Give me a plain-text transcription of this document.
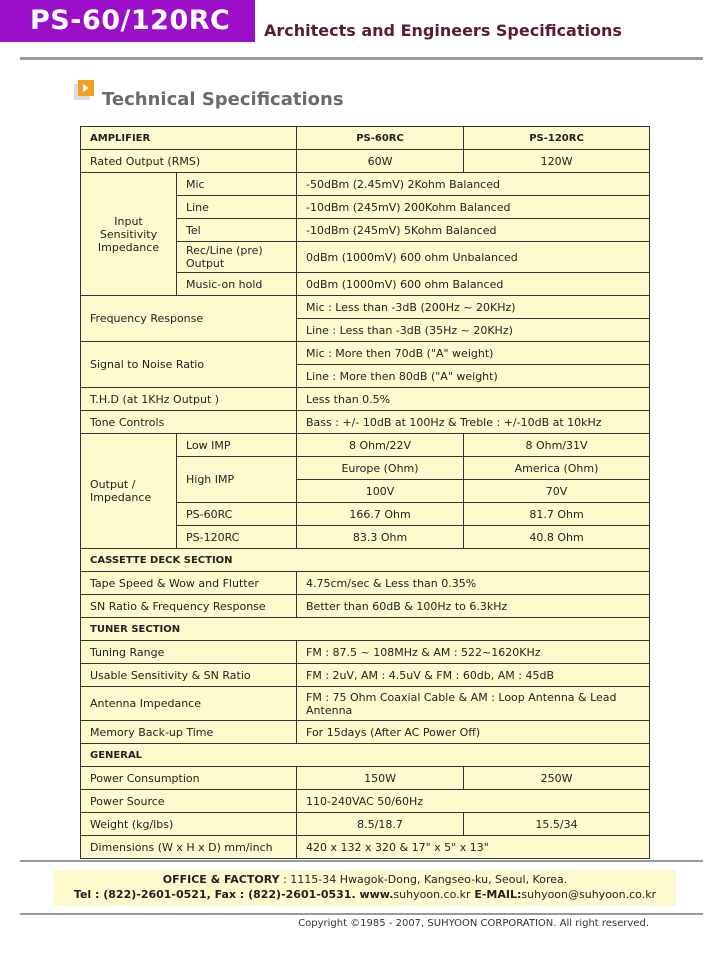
PS-60/120RC	Architects and Engineers Specifications
Technical Specifications
AMPLIFIER		PS-60RC	PS-120RC
Rated Output (RMS)		60W	120W
Input Sensitivity Impedance	Mic	-50dBm (2.45mV) 2Kohm Balanced	
	Line	-10dBm (245mV) 200Kohm Balanced	
	Tel	-10dBm (245mV) 5Kohm Balanced	
	Rec/Line (pre) Output	0dBm (1000mV) 600 ohm Unbalanced	
	Music-on hold	0dBm (1000mV) 600 ohm Balanced	
Frequency Response		Mic : Less than -3dB (200Hz ~ 20KHz)	
		Line : Less than -3dB (35Hz ~ 20KHz)	
Signal to Noise Ratio		Mic : More then 70dB ("A" weight)	
		Line : More then 80dB ("A" weight)	
T.H.D (at 1KHz Output )		Less than 0.5%	
Tone Controls		Bass : +/- 10dB at 100Hz & Treble : +/-10dB at 10kHz	
Output / Impedance	Low IMP	8 Ohm/22V	8 Ohm/31V
	High IMP	Europe (Ohm)	America (Ohm)
		100V	70V
	PS-60RC	166.7 Ohm	81.7 Ohm
	PS-120RC	83.3 Ohm	40.8 Ohm
CASSETTE DECK SECTION			
Tape Speed & Wow and Flutter		4.75cm/sec & Less than 0.35%	
SN Ratio & Frequency Response		Better than 60dB & 100Hz to 6.3kHz	
TUNER SECTION			
Tuning Range		FM : 87.5 ~ 108MHz & AM : 522~1620KHz	
Usable Sensitivity & SN Ratio		FM : 2uV, AM : 4.5uV & FM : 60db, AM : 45dB	
Antenna Impedance		FM : 75 Ohm Coaxial Cable & AM : Loop Antenna & Lead Antenna	
Memory Back-up Time		For 15days (After AC Power Off)	
GENERAL			
Power Consumption		150W	250W
Power Source		110-240VAC 50/60Hz	
Weight (kg/lbs)		8.5/18.7	15.5/34
Dimensions (W x H x D) mm/inch		420 x 132 x 320 & 17" x 5" x 13"	
OFFICE & FACTORY : 1115-34 Hwagok-Dong, Kangseo-ku, Seoul, Korea.
Tel : (822)-2601-0521, Fax : (822)-2601-0531. www.suhyoon.co.kr E-MAIL:suhyoon@suhyoon.co.kr
Copyright ©1985 - 2007, SUHYOON CORPORATION. All right reserved.
